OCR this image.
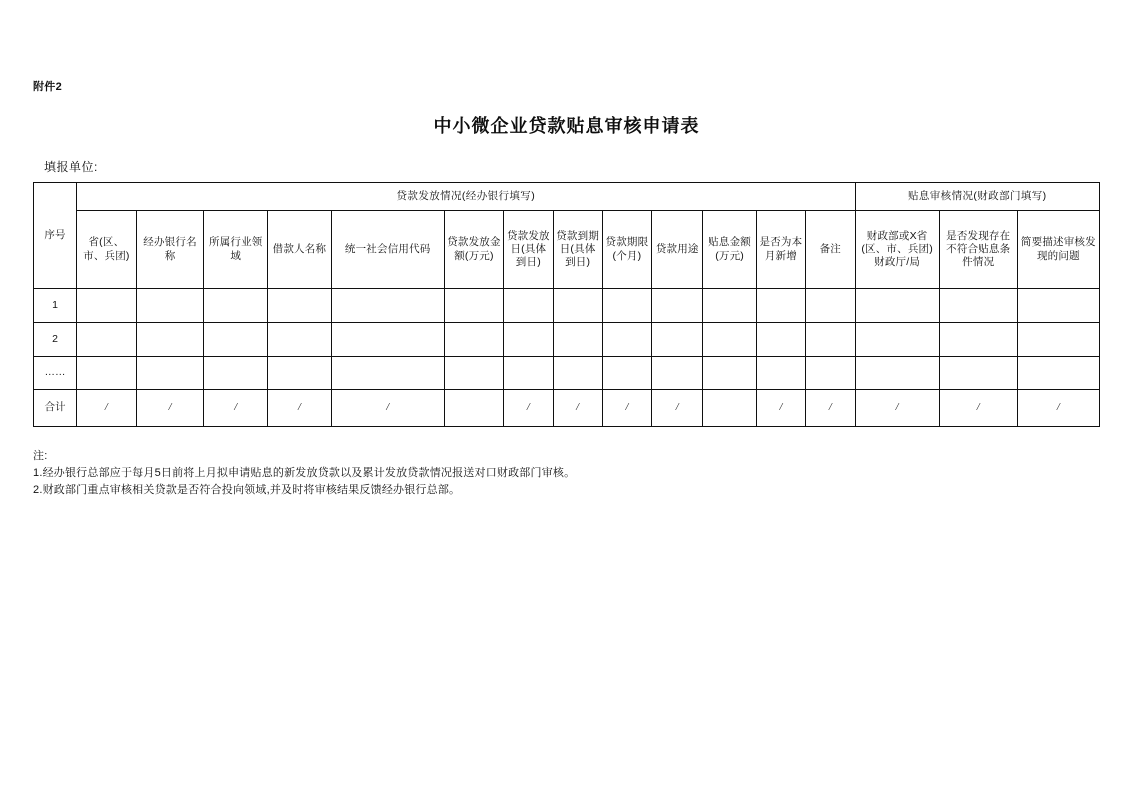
附件2
中小微企业贷款贴息审核申请表
填报单位:
序号	贷款发放情况(经办银行填写)													贴息审核情况(财政部门填写)		
	省(区、市、兵团)	经办银行名称	所属行业领域	借款人名称	统一社会信用代码	贷款发放金额(万元)	贷款发放日(具体到日)	贷款到期日(具体到日)	贷款期限(个月)	贷款用途	贴息金额(万元)	是否为本月新增	备注	财政部或X省(区、市、兵团)财政厅/局	是否发现存在不符合贴息条件情况	简要描述审核发现的问题
1																
2																
……																
合计	/	/	/	/	/		/	/	/	/		/	/	/	/	/
注:
1.经办银行总部应于每月5日前将上月拟申请贴息的新发放贷款以及累计发放贷款情况报送对口财政部门审核。
2.财政部门重点审核相关贷款是否符合投向领域,并及时将审核结果反馈经办银行总部。
